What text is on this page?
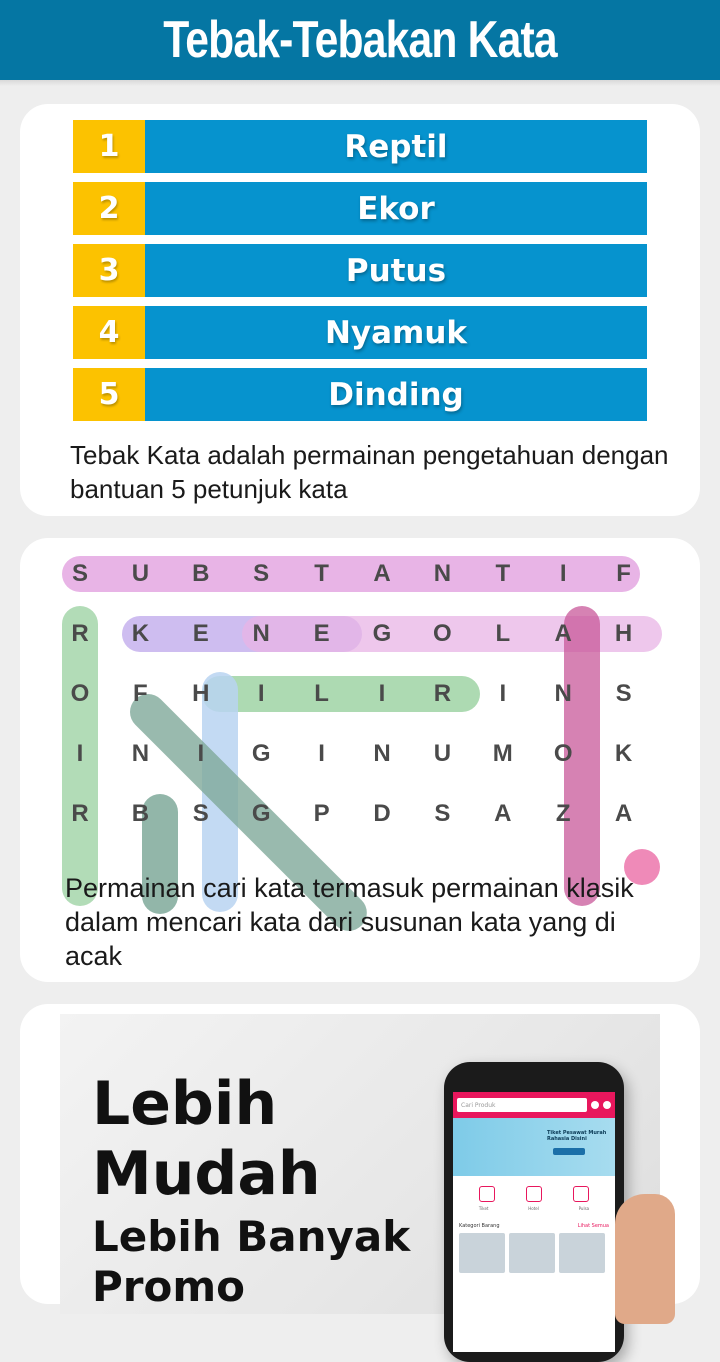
Tebak-Tebakan Kata
1	Reptil
2	Ekor
3	Putus
4	Nyamuk
5	Dinding

Tebak Kata adalah permainan pengetahuan dengan bantuan 5 petunjuk kata

S	U	B	S	T	A	N	T	I	F
R	K	E	N	E	G	O	L	A	H
O	F	H	I	L	I	R	I	N	S
I	N	I	G	I	N	U	M	O	K
R	B	S	G	P	D	S	A	Z	A

Permainan cari kata termasuk permainan klasik dalam mencari kata dari susunan kata yang di acak

Lebih
Mudah
Lebih Banyak
Promo
Cari Produk
Tiket Pesawat Murah Rahasia Disini
Tiket	Hotel	Pulsa
Kategori Barang	Lihat Semua
